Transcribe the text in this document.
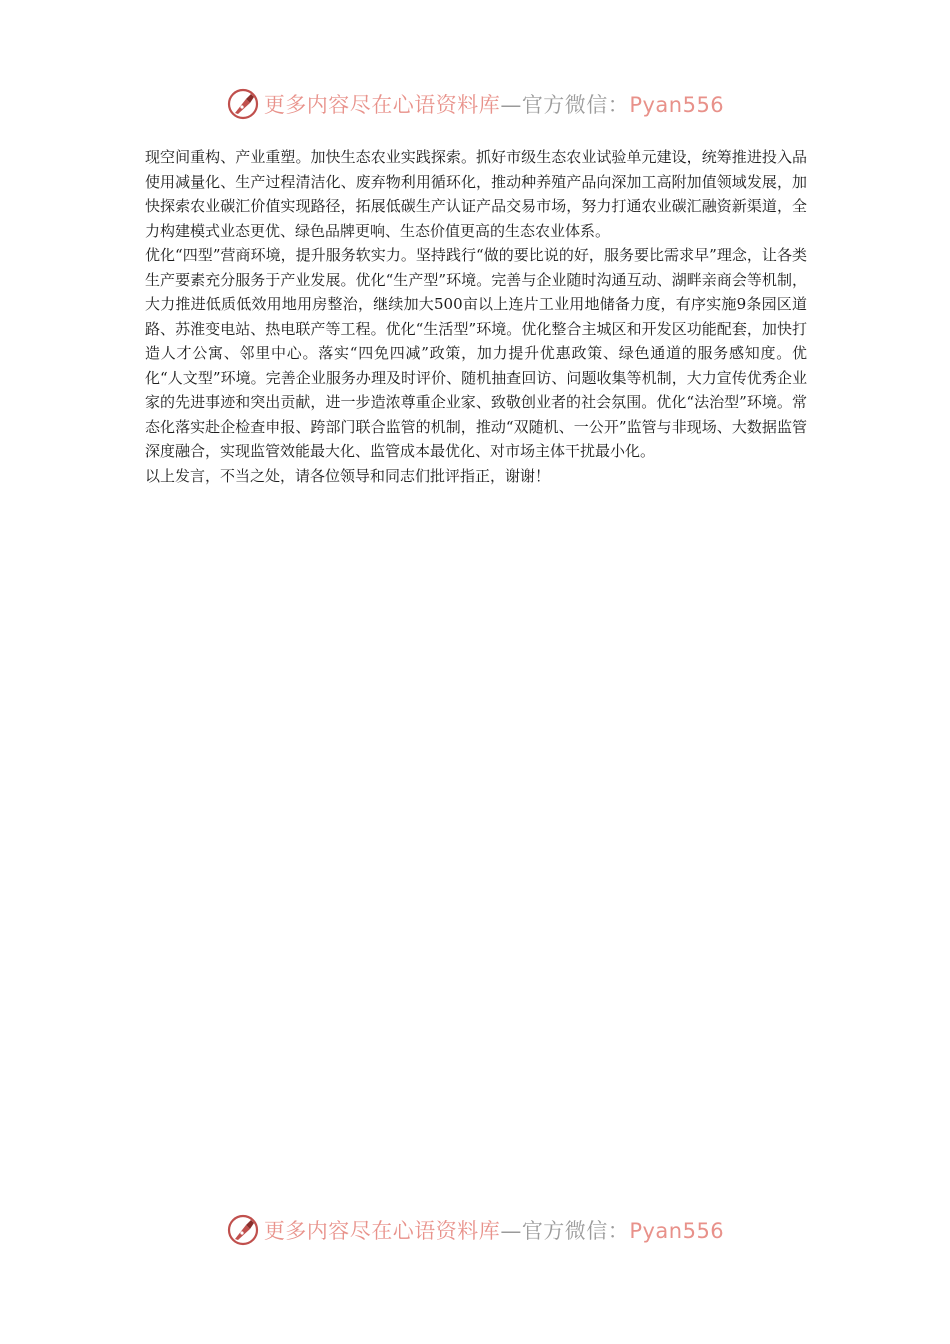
更多内容尽在心语资料库—官方微信：Pyan556

现空间重构、产业重塑。加快生态农业实践探索。抓好市级生态农业试验单元建设，统筹推进投入品使用减量化、生产过程清洁化、废弃物利用循环化，推动种养殖产品向深加工高附加值领域发展，加快探索农业碳汇价值实现路径，拓展低碳生产认证产品交易市场，努力打通农业碳汇融资新渠道，全力构建模式业态更优、绿色品牌更响、生态价值更高的生态农业体系。

优化“四型”营商环境，提升服务软实力。坚持践行“做的要比说的好，服务要比需求早”理念，让各类生产要素充分服务于产业发展。优化“生产型”环境。完善与企业随时沟通互动、湖畔亲商会等机制，大力推进低质低效用地用房整治，继续加大500亩以上连片工业用地储备力度，有序实施9条园区道路、苏淮变电站、热电联产等工程。优化“生活型”环境。优化整合主城区和开发区功能配套，加快打造人才公寓、邻里中心。落实“四免四减”政策，加力提升优惠政策、绿色通道的服务感知度。优化“人文型”环境。完善企业服务办理及时评价、随机抽查回访、问题收集等机制，大力宣传优秀企业家的先进事迹和突出贡献，进一步造浓尊重企业家、致敬创业者的社会氛围。优化“法治型”环境。常态化落实赴企检查申报、跨部门联合监管的机制，推动“双随机、一公开”监管与非现场、大数据监管深度融合，实现监管效能最大化、监管成本最优化、对市场主体干扰最小化。

以上发言，不当之处，请各位领导和同志们批评指正，谢谢！

更多内容尽在心语资料库—官方微信：Pyan556
